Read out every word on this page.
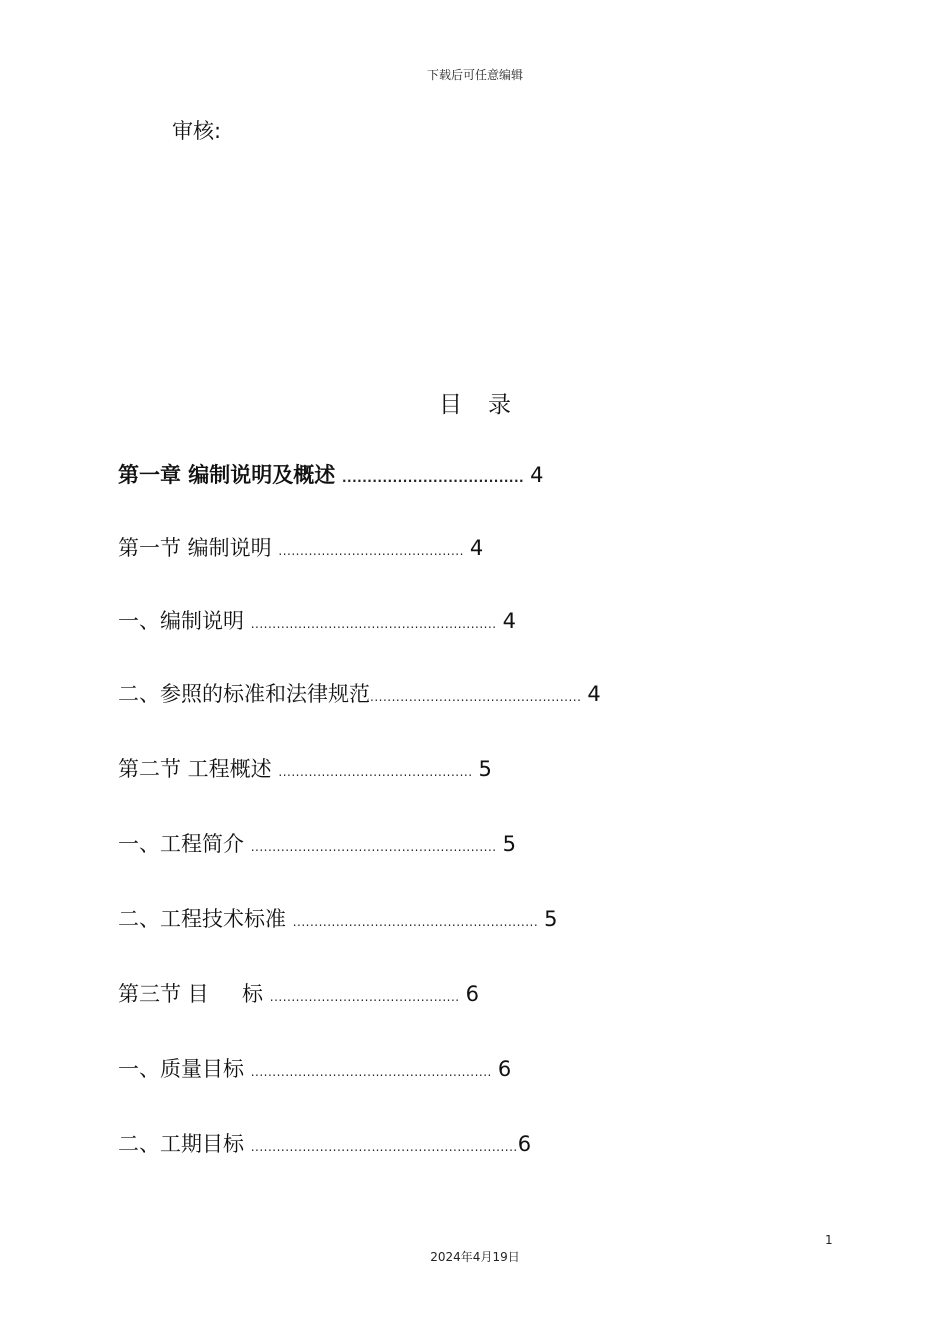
下载后可任意编辑
审核:
目 录
第一章 编制说明及概述 .................................... 4
第一节 编制说明 ........................................... 4
一、编制说明 ......................................................... 4
二、参照的标准和法律规范................................................. 4
第二节 工程概述 ............................................. 5
一、工程简介 ......................................................... 5
二、工程技术标准 ........................….............................. 5
第三节 目     标 ............................................ 6
一、质量目标 ............................…......................... 6
二、工期目标 ............................…...............................6
1
2024年4月19日
